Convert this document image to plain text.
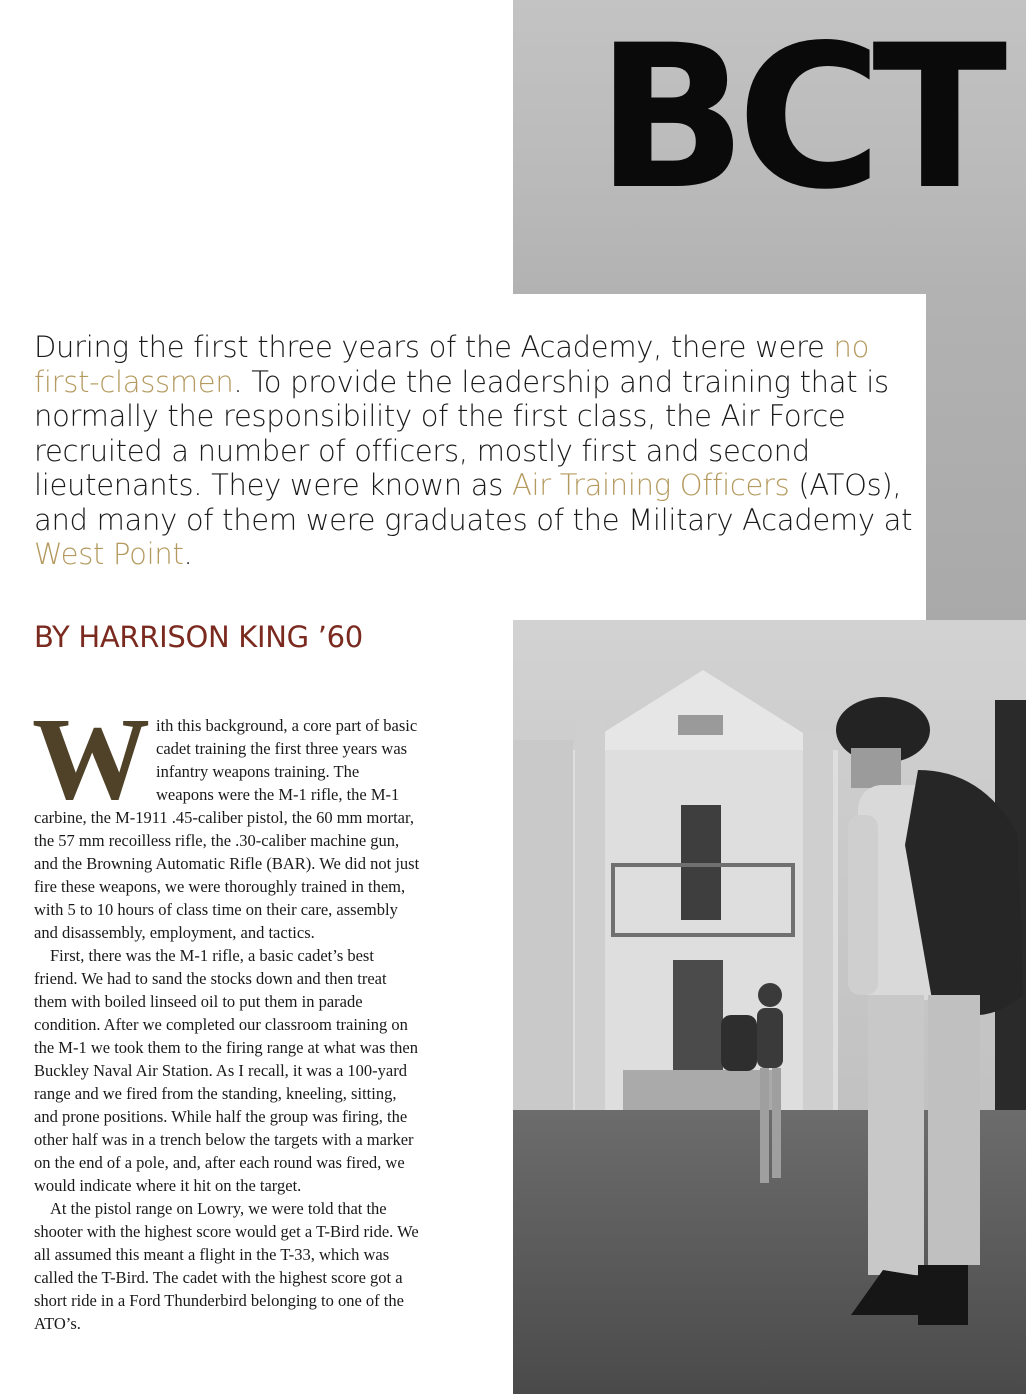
BCT

During the first three years of the Academy, there were no first-classmen. To provide the leadership and training that is normally the responsibility of the first class, the Air Force recruited a number of officers, mostly first and second lieutenants. They were known as Air Training Officers (ATOs), and many of them were graduates of the Military Academy at West Point.

BY HARRISON KING ’60

With this background, a core part of basic cadet training the first three years was infantry weapons training. The weapons were the M-1 rifle, the M-1 carbine, the M-1911 .45-caliber pistol, the 60 mm mortar, the 57 mm recoilless rifle, the .30-caliber machine gun, and the Browning Automatic Rifle (BAR). We did not just fire these weapons, we were thoroughly trained in them, with 5 to 10 hours of class time on their care, assembly and disassembly, employment, and tactics.

First, there was the M-1 rifle, a basic cadet’s best friend. We had to sand the stocks down and then treat them with boiled linseed oil to put them in parade condition. After we completed our classroom training on the M-1 we took them to the firing range at what was then Buckley Naval Air Station. As I recall, it was a 100-yard range and we fired from the standing, kneeling, sitting, and prone positions. While half the group was firing, the other half was in a trench below the targets with a marker on the end of a pole, and, after each round was fired, we would indicate where it hit on the target.

At the pistol range on Lowry, we were told that the shooter with the highest score would get a T-Bird ride. We all assumed this meant a flight in the T-33, which was called the T-Bird. The cadet with the highest score got a short ride in a Ford Thunderbird belonging to one of the ATO’s.
